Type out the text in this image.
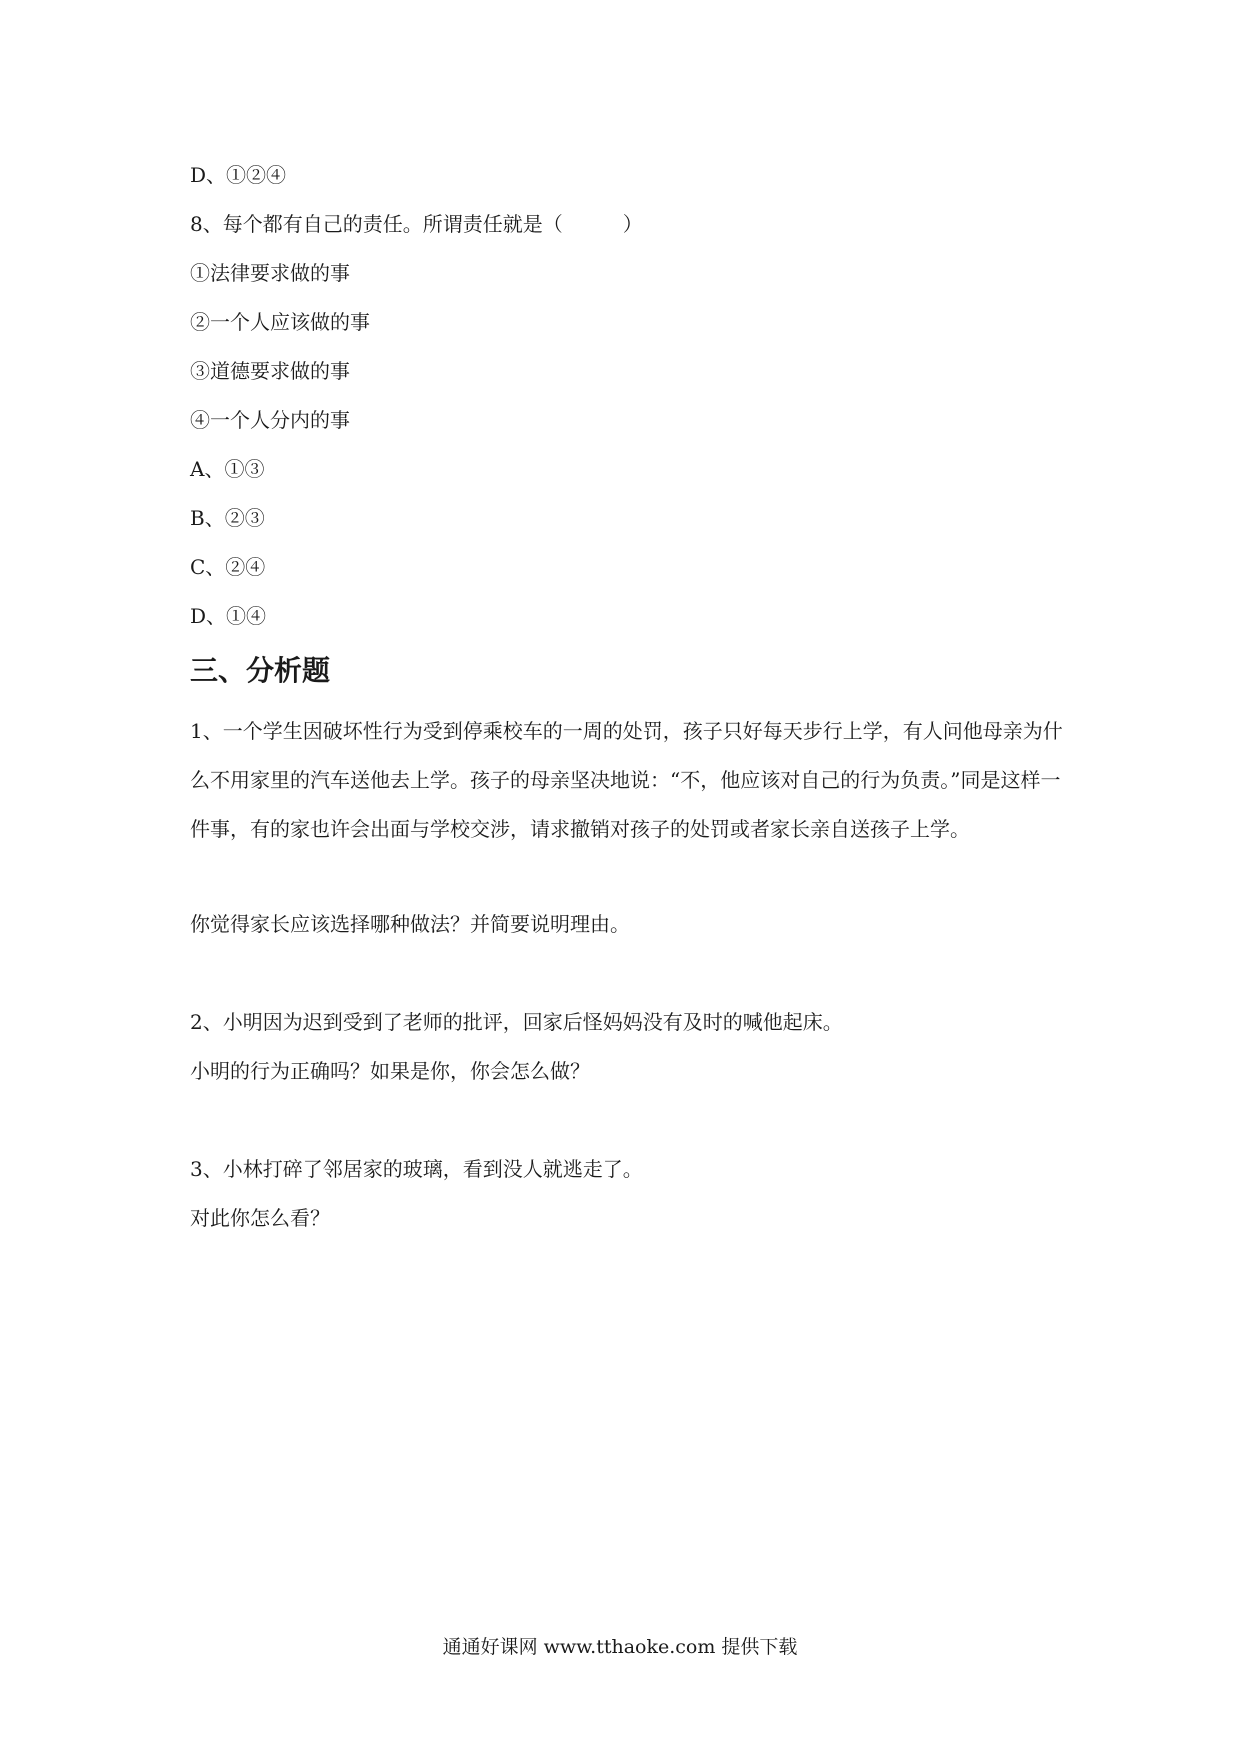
D、①②④
8、每个都有自己的责任。所谓责任就是（　　　）
①法律要求做的事
②一个人应该做的事
③道德要求做的事
④一个人分内的事
A、①③
B、②③
C、②④
D、①④
三、分析题
1、一个学生因破坏性行为受到停乘校车的一周的处罚，孩子只好每天步行上学，有人问他母亲为什么不用家里的汽车送他去上学。孩子的母亲坚决地说：“不，他应该对自己的行为负责。”同是这样一件事，有的家也许会出面与学校交涉，请求撤销对孩子的处罚或者家长亲自送孩子上学。
你觉得家长应该选择哪种做法？并简要说明理由。
2、小明因为迟到受到了老师的批评，回家后怪妈妈没有及时的喊他起床。
小明的行为正确吗？如果是你，你会怎么做？
3、小林打碎了邻居家的玻璃，看到没人就逃走了。
对此你怎么看？
通通好课网 www.tthaoke.com 提供下载
